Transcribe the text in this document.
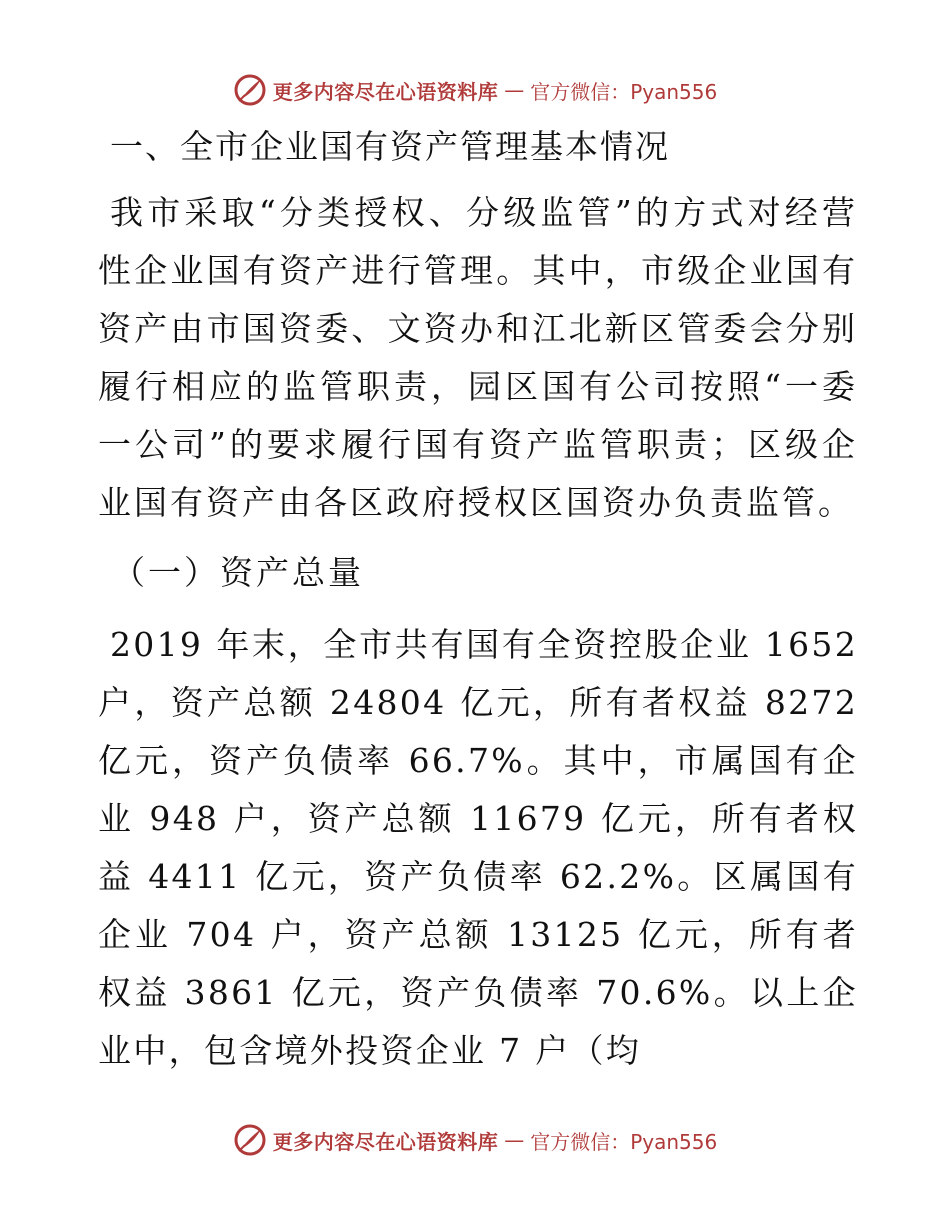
更多内容尽在心语资料库 — 官方微信：Pyan556
一、全市企业国有资产管理基本情况

我市采取“分类授权、分级监管”的方式对经营性企业国有资产进行管理。其中，市级企业国有资产由市国资委、文资办和江北新区管委会分别履行相应的监管职责，园区国有公司按照“一委一公司”的要求履行国有资产监管职责；区级企业国有资产由各区政府授权区国资办负责监管。

（一）资产总量

2019 年末，全市共有国有全资控股企业 1652 户，资产总额 24804 亿元，所有者权益 8272 亿元，资产负债率 66.7%。其中，市属国有企业 948 户，资产总额 11679 亿元，所有者权益 4411 亿元，资产负债率 62.2%。区属国有企业 704 户，资产总额 13125 亿元，所有者权益 3861 亿元，资产负债率 70.6%。以上企业中，包含境外投资企业 7 户（均

更多内容尽在心语资料库 — 官方微信：Pyan556
